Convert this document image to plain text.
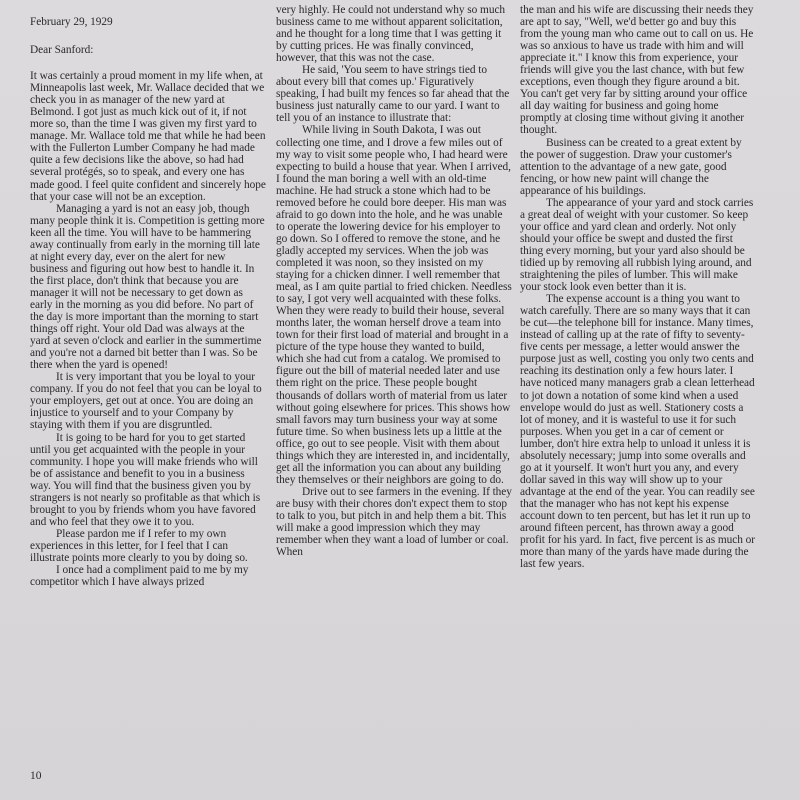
February 29, 1929

Dear Sanford:

It was certainly a proud moment in my life when, at Minneapolis last week, Mr. Wallace decided that we check you in as manager of the new yard at Belmond. I got just as much kick out of it, if not more so, than the time I was given my first yard to manage. Mr. Wallace told me that while he had been with the Fullerton Lumber Company he had made quite a few decisions like the above, so had had several protégés, so to speak, and every one has made good. I feel quite confident and sincerely hope that your case will not be an exception.

Managing a yard is not an easy job, though many people think it is. Competition is getting more keen all the time. You will have to be hammering away continually from early in the morning till late at night every day, ever on the alert for new business and figuring out how best to handle it. In the first place, don't think that because you are manager it will not be necessary to get down as early in the morning as you did before. No part of the day is more important than the morning to start things off right. Your old Dad was always at the yard at seven o'clock and earlier in the summertime and you're not a darned bit better than I was. So be there when the yard is opened!

It is very important that you be loyal to your company. If you do not feel that you can be loyal to your employers, get out at once. You are doing an injustice to yourself and to your Company by staying with them if you are disgruntled.

It is going to be hard for you to get started until you get acquainted with the people in your community. I hope you will make friends who will be of assistance and benefit to you in a business way. You will find that the business given you by strangers is not nearly so profitable as that which is brought to you by friends whom you have favored and who feel that they owe it to you.

Please pardon me if I refer to my own experiences in this letter, for I feel that I can illustrate points more clearly to you by doing so.

I once had a compliment paid to me by my competitor which I have always prized

very highly. He could not understand why so much business came to me without apparent solicitation, and he thought for a long time that I was getting it by cutting prices. He was finally convinced, however, that this was not the case.

He said, 'You seem to have strings tied to about every bill that comes up.' Figuratively speaking, I had built my fences so far ahead that the business just naturally came to our yard. I want to tell you of an instance to illustrate that:

While living in South Dakota, I was out collecting one time, and I drove a few miles out of my way to visit some people who, I had heard were expecting to build a house that year. When I arrived, I found the man boring a well with an old-time machine. He had struck a stone which had to be removed before he could bore deeper. His man was afraid to go down into the hole, and he was unable to operate the lowering device for his employer to go down. So I offered to remove the stone, and he gladly accepted my services. When the job was completed it was noon, so they insisted on my staying for a chicken dinner. I well remember that meal, as I am quite partial to fried chicken. Needless to say, I got very well acquainted with these folks. When they were ready to build their house, several months later, the woman herself drove a team into town for their first load of material and brought in a picture of the type house they wanted to build, which she had cut from a catalog. We promised to figure out the bill of material needed later and use them right on the price. These people bought thousands of dollars worth of material from us later without going elsewhere for prices. This shows how small favors may turn business your way at some future time. So when business lets up a little at the office, go out to see people. Visit with them about things which they are interested in, and incidentally, get all the information you can about any building they themselves or their neighbors are going to do.

Drive out to see farmers in the evening. If they are busy with their chores don't expect them to stop to talk to you, but pitch in and help them a bit. This will make a good impression which they may remember when they want a load of lumber or coal. When

the man and his wife are discussing their needs they are apt to say, "Well, we'd better go and buy this from the young man who came out to call on us. He was so anxious to have us trade with him and will appreciate it." I know this from experience, your friends will give you the last chance, with but few exceptions, even though they figure around a bit. You can't get very far by sitting around your office all day waiting for business and going home promptly at closing time without giving it another thought.

Business can be created to a great extent by the power of suggestion. Draw your customer's attention to the advantage of a new gate, good fencing, or how new paint will change the appearance of his buildings.

The appearance of your yard and stock carries a great deal of weight with your customer. So keep your office and yard clean and orderly. Not only should your office be swept and dusted the first thing every morning, but your yard also should be tidied up by removing all rubbish lying around, and straightening the piles of lumber. This will make your stock look even better than it is.

The expense account is a thing you want to watch carefully. There are so many ways that it can be cut—the telephone bill for instance. Many times, instead of calling up at the rate of fifty to seventy-five cents per message, a letter would answer the purpose just as well, costing you only two cents and reaching its destination only a few hours later. I have noticed many managers grab a clean letterhead to jot down a notation of some kind when a used envelope would do just as well. Stationery costs a lot of money, and it is wasteful to use it for such purposes. When you get in a car of cement or lumber, don't hire extra help to unload it unless it is absolutely necessary; jump into some overalls and go at it yourself. It won't hurt you any, and every dollar saved in this way will show up to your advantage at the end of the year. You can readily see that the manager who has not kept his expense account down to ten percent, but has let it run up to around fifteen percent, has thrown away a good profit for his yard. In fact, five percent is as much or more than many of the yards have made during the last few years.

10
